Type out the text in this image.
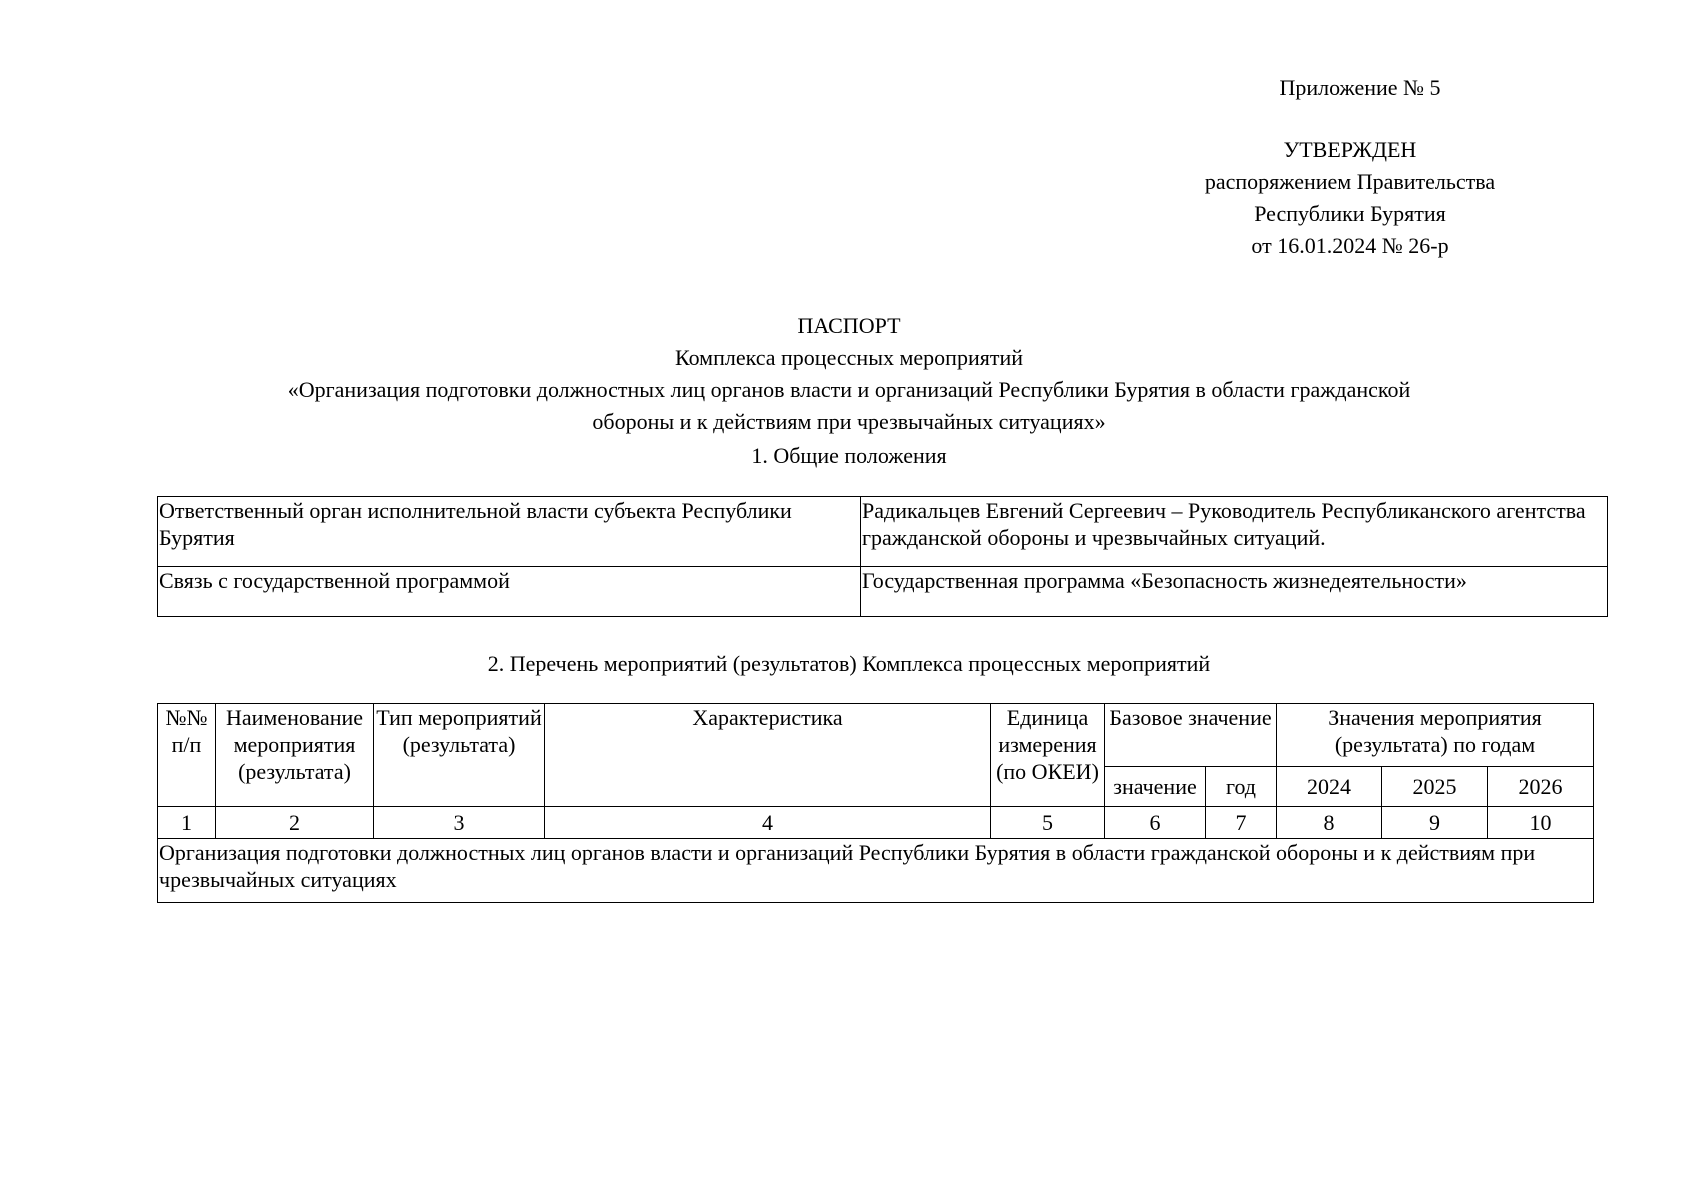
Приложение № 5
УТВЕРЖДЕН
распоряжением Правительства
Республики Бурятия
от 16.01.2024 № 26-р
ПАСПОРТ
Комплекса процессных мероприятий
«Организация подготовки должностных лиц органов власти и организаций Республики Бурятия в области гражданской
обороны и к действиям при чрезвычайных ситуациях»
1. Общие положения
Ответственный орган исполнительной власти субъекта Республики Бурятия	Радикальцев Евгений Сергеевич – Руководитель Республиканского агентства гражданской обороны и чрезвычайных ситуаций.
Связь с государственной программой	Государственная программа «Безопасность жизнедеятельности»
2. Перечень мероприятий (результатов) Комплекса процессных мероприятий
№№ п/п	Наименование мероприятия (результата)	Тип мероприятий (результата)	Характеристика	Единица измерения (по ОКЕИ)	Базовое значение		Значения мероприятия (результата) по годам		
					значение	год	2024	2025	2026
1	2	3	4	5	6	7	8	9	10
Организация подготовки должностных лиц органов власти и организаций Республики Бурятия в области гражданской обороны и к действиям при чрезвычайных ситуациях									
